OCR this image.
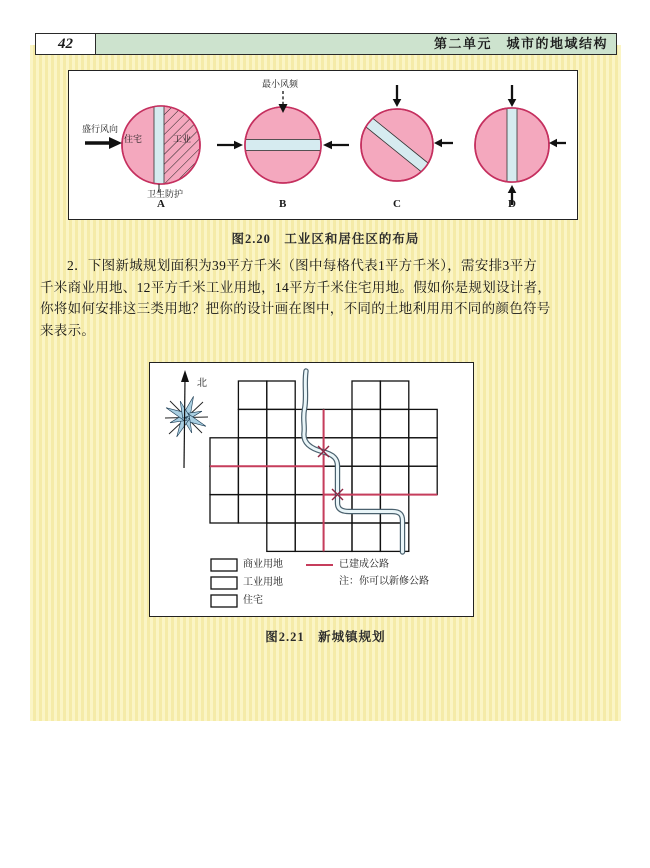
42	第二单元　城市的地域结构
盛行风向
住宅	工业
卫生防护
最小风频
A	B	C	D
图2.20　工业区和居住区的布局
2．下图新城规划面积为39平方千米（图中每格代表1平方千米），需安排3平方
千米商业用地、12平方千米工业用地，14平方千米住宅用地。假如你是规划设计者，
你将如何安排这三类用地？把你的设计画在图中，不同的土地利用用不同的颜色符号
来表示。
北
商业用地
工业用地
住宅
已建成公路
注：你可以新修公路
图2.21　新城镇规划
